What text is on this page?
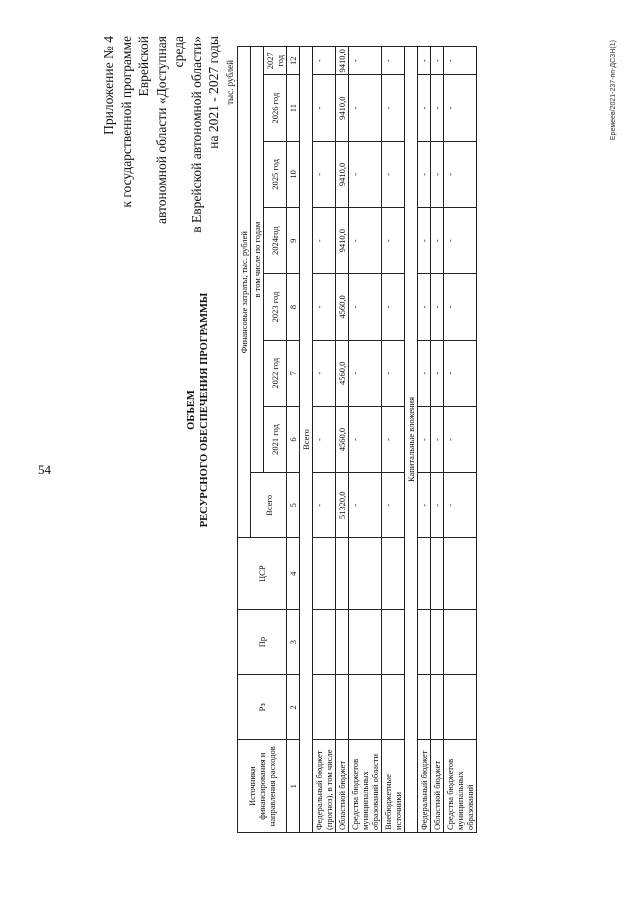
54
Приложение № 4 к государственной программе Еврейской автономной области «Доступная среда в Еврейской автономной области» на 2021 - 2027 годы
ОБЪЕМ РЕСУРСНОГО ОБЕСПЕЧЕНИЯ ПРОГРАММЫ
тыс. рублей
Источники финансирования и направления расходов	Рз	Пр	ЦСР	Финансовые затраты, тыс. рублей							
				Всего	в том числе по годам						
					2021 год	2022 год	2023 год	2024год	2025 год	2026 год	2027 год
1	2	3	4	5	6	7	8	9	10	11	12
Всего											
Федеральный бюджет (прогноз), в том числе				-	-	-	-	-	-	-	-
Областной бюджет				51320,0	4560,0	4560,0	4560,0	9410,0	9410,0	9410,0	9410,0
Средства бюджетов муниципальных образований области				-	-	-	-	-	-	-	-
Внебюджетные источники				-	-	-	-	-	-	-	-
Капитальные вложения											
Федеральный бюджет				-	-	-	-	-	-	-	-
Областной бюджет				-	-	-	-	-	-	-	-
Средства бюджетов муниципальных образований				-	-	-	-	-	-	-	-	Еремеев/2021-237-пп-ДСЗН(1)
